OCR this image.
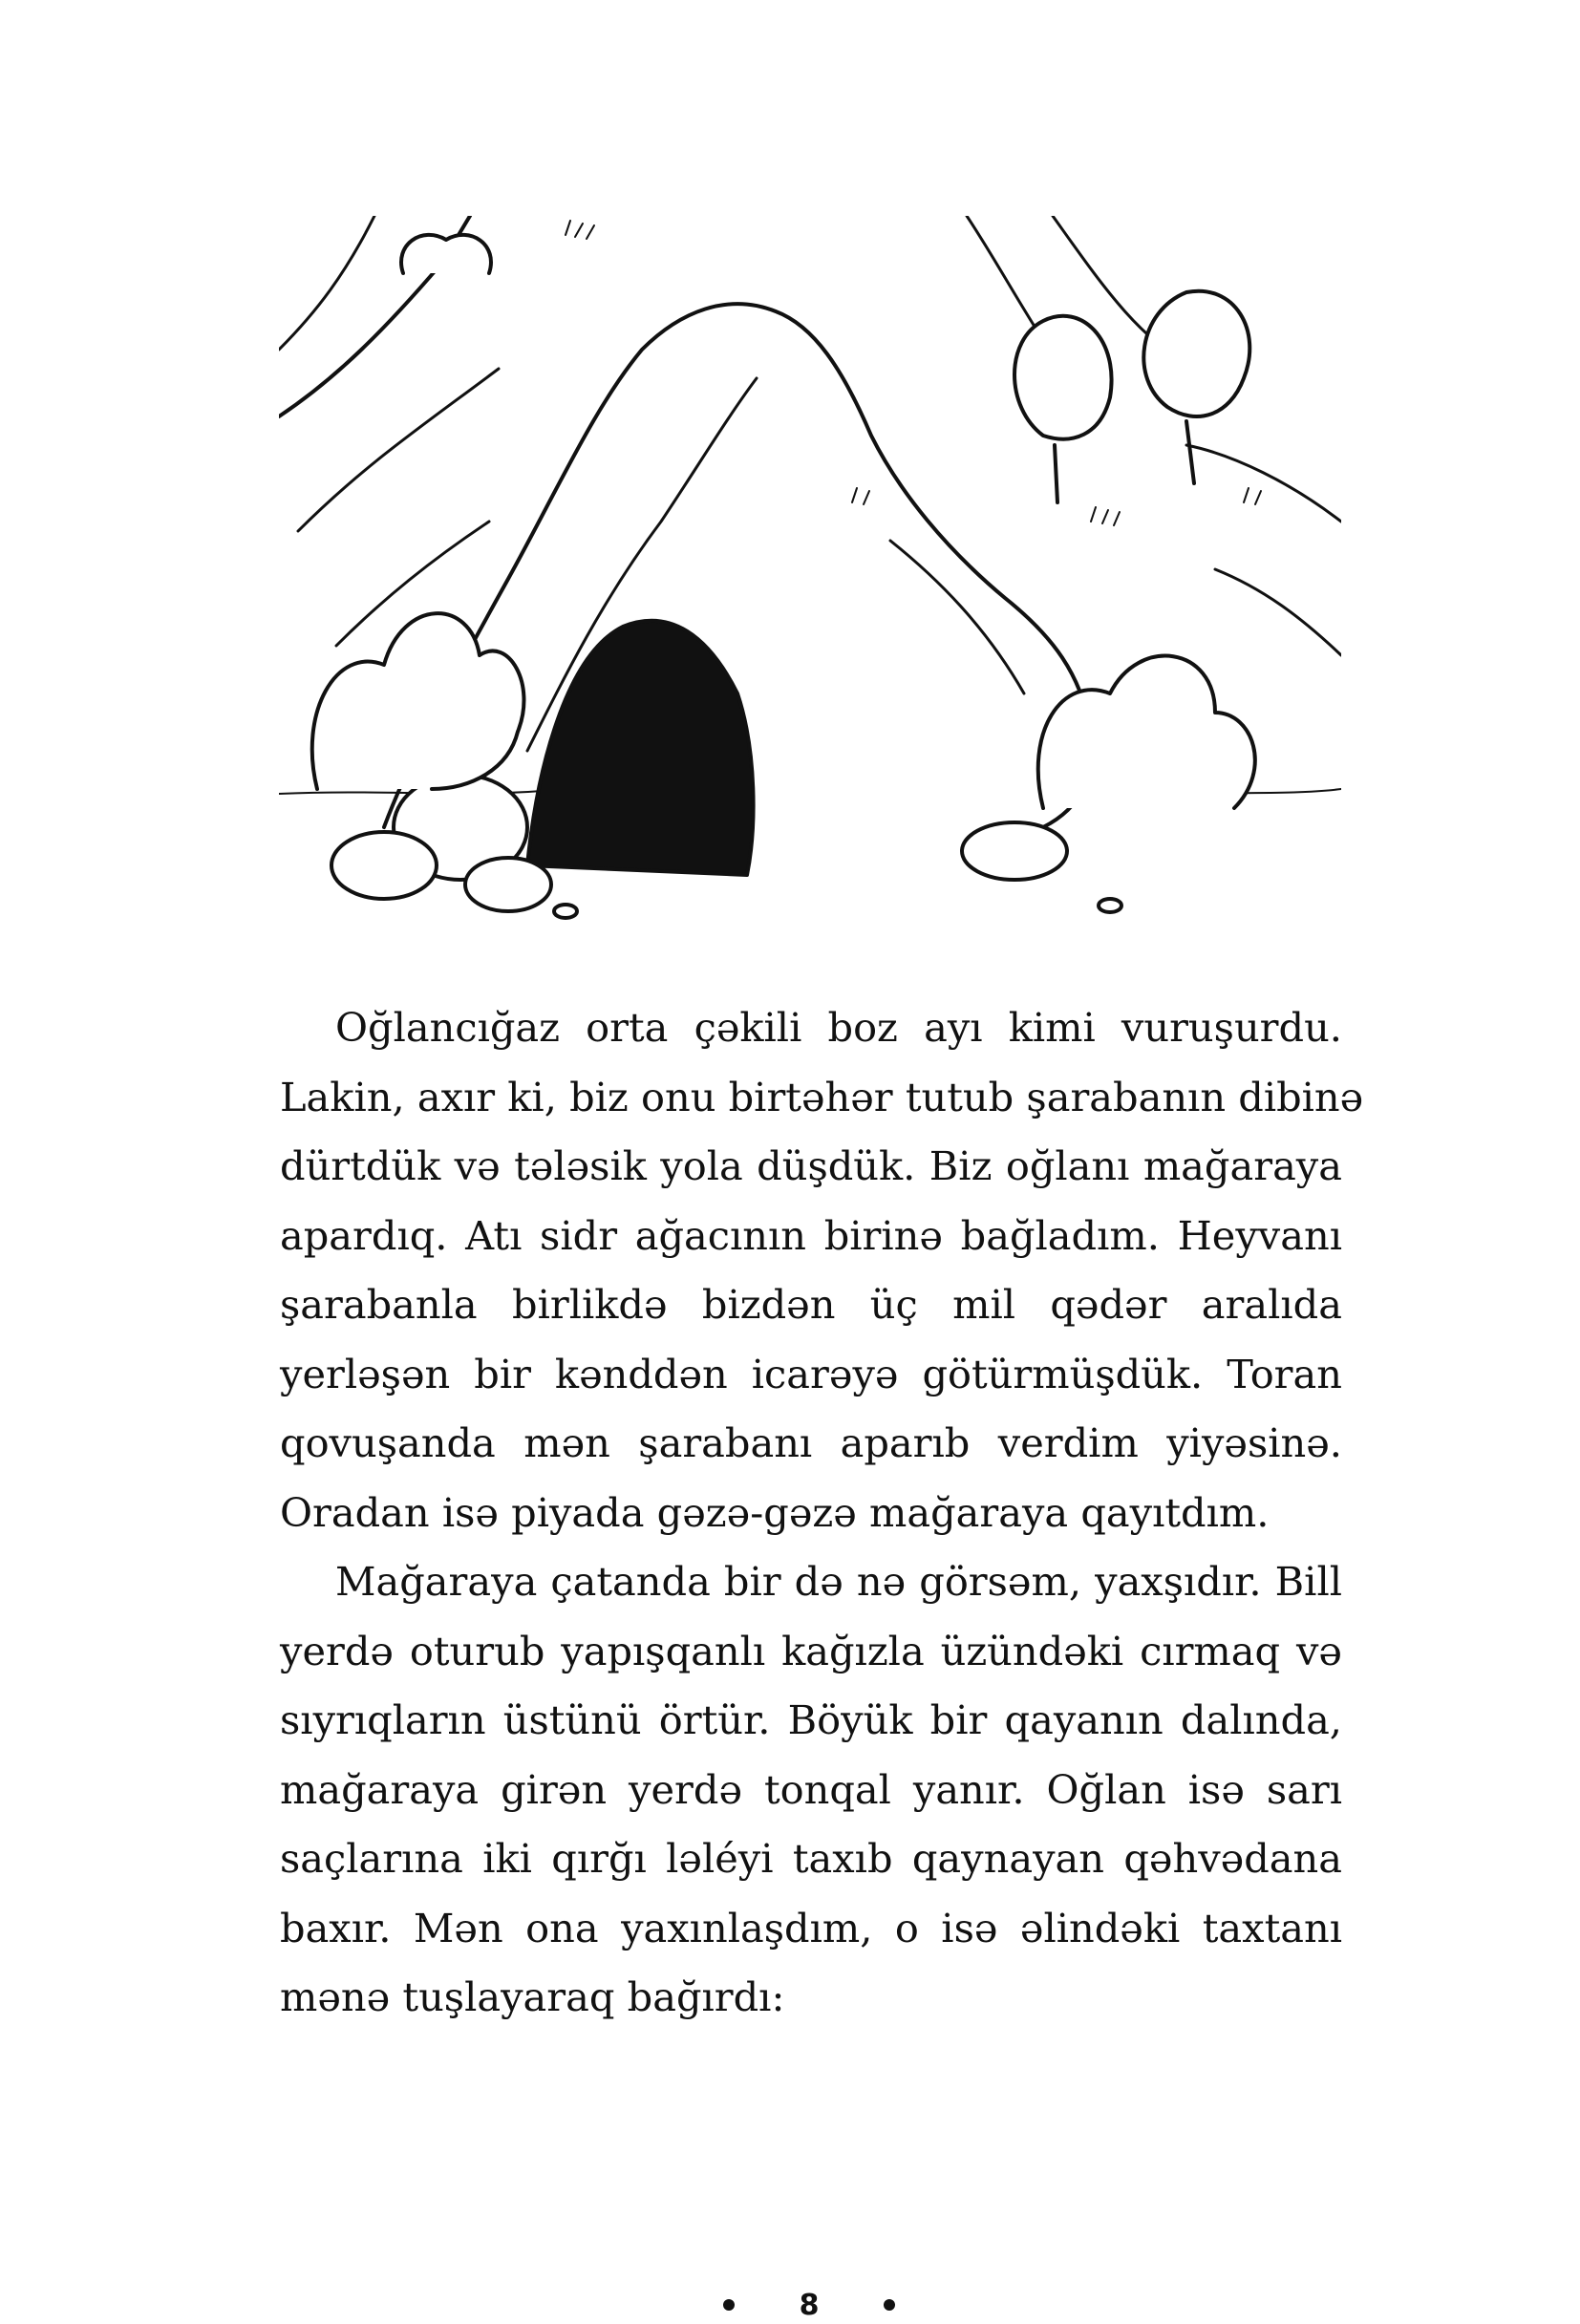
Oğlancığaz orta çəkili boz ayı kimi vuruşurdu.
Lakin, axır ki, biz onu birtəhər tutub şarabanın dibinə
dürtdük və tələsik yola düşdük. Biz oğlanı mağaraya
apardıq. Atı sidr ağacının birinə bağladım. Heyvanı
şarabanla birlikdə bizdən üç mil qədər aralıda
yerləşən bir kənddən icarəyə götürmüşdük. Toran
qovuşanda mən şarabanı aparıb verdim yiyəsinə.
Oradan isə piyada gəzə-gəzə mağaraya qayıtdım.

Mağaraya çatanda bir də nə görsəm, yaxşıdır. Bill
yerdə oturub yapışqanlı kağızla üzündəki cırmaq və
sıyrıqların üstünü örtür. Böyük bir qayanın dalında,
mağaraya girən yerdə tonqal yanır. Oğlan isə sarı
saçlarına iki qırğı ləléyi taxıb qaynayan qəhvədana
baxır. Mən ona yaxınlaşdım, o isə əlindəki taxtanı
mənə tuşlayaraq bağırdı:

8
